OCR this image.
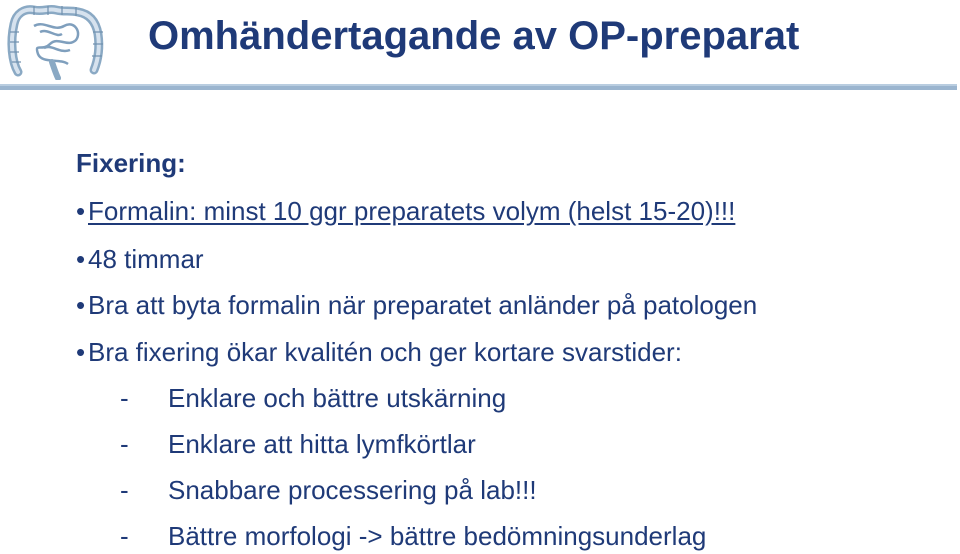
Omhändertagande av OP-preparat
Fixering:
• Formalin: minst 10 ggr preparatets volym (helst 15-20)!!!
• 48 timmar
• Bra att byta formalin när preparatet anländer på patologen
• Bra fixering ökar kvalitén och ger kortare svarstider:
- Enklare och bättre utskärning
- Enklare att hitta lymfkörtlar
- Snabbare processering på lab!!!
- Bättre morfologi -> bättre bedömningsunderlag
